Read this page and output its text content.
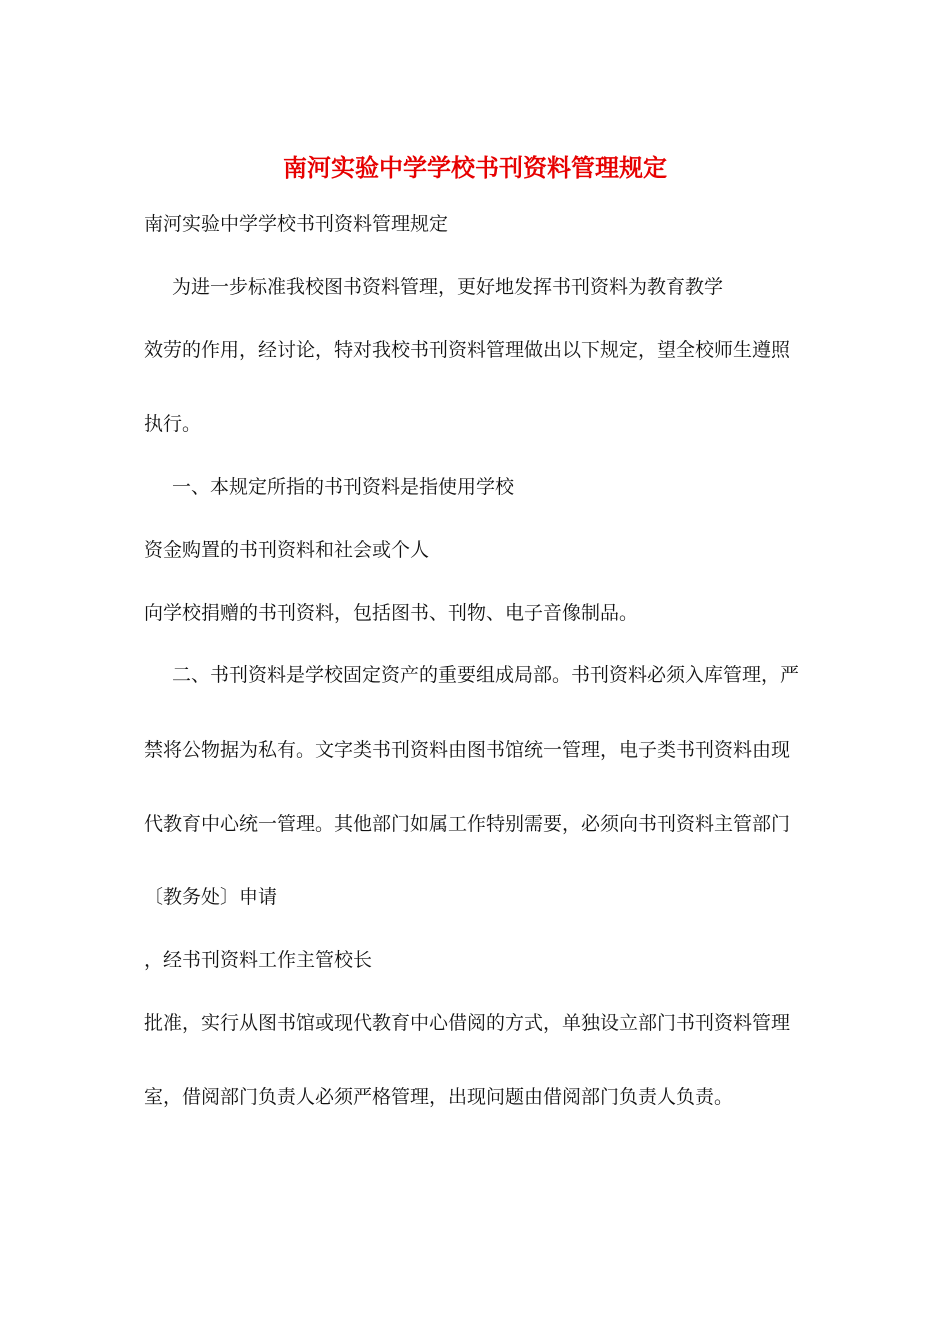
南河实验中学学校书刊资料管理规定
南河实验中学学校书刊资料管理规定
为进一步标准我校图书资料管理，更好地发挥书刊资料为教育教学
效劳的作用，经讨论，特对我校书刊资料管理做出以下规定，望全校师生遵照
执行。
一、本规定所指的书刊资料是指使用学校
资金购置的书刊资料和社会或个人
向学校捐赠的书刊资料，包括图书、刊物、电子音像制品。
二、书刊资料是学校固定资产的重要组成局部。书刊资料必须入库管理，严
禁将公物据为私有。文字类书刊资料由图书馆统一管理，电子类书刊资料由现
代教育中心统一管理。其他部门如属工作特别需要，必须向书刊资料主管部门
〔教务处〕申请
，经书刊资料工作主管校长
批准，实行从图书馆或现代教育中心借阅的方式，单独设立部门书刊资料管理
室，借阅部门负责人必须严格管理，出现问题由借阅部门负责人负责。
